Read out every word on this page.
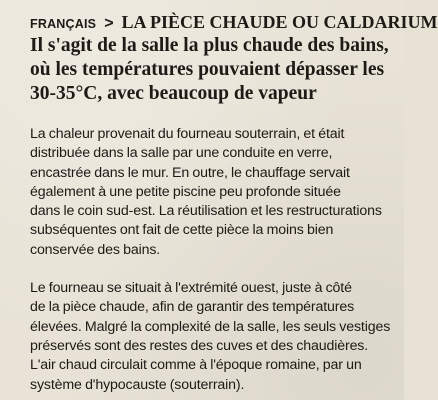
FRANÇAIS > LA PIÈCE CHAUDE OU CALDARIUM
Il s'agit de la salle la plus chaude des bains,
où les températures pouvaient dépasser les
30-35°C, avec beaucoup de vapeur
La chaleur provenait du fourneau souterrain, et était
distribuée dans la salle par une conduite en verre,
encastrée dans le mur. En outre, le chauffage servait
également à une petite piscine peu profonde située
dans le coin sud-est. La réutilisation et les restructurations
subséquentes ont fait de cette pièce la moins bien
conservée des bains.
Le fourneau se situait à l'extrémité ouest, juste à côté
de la pièce chaude, afin de garantir des températures
élevées. Malgré la complexité de la salle, les seuls vestiges
préservés sont des restes des cuves et des chaudières.
L'air chaud circulait comme à l'époque romaine, par un
système d'hypocauste (souterrain).
